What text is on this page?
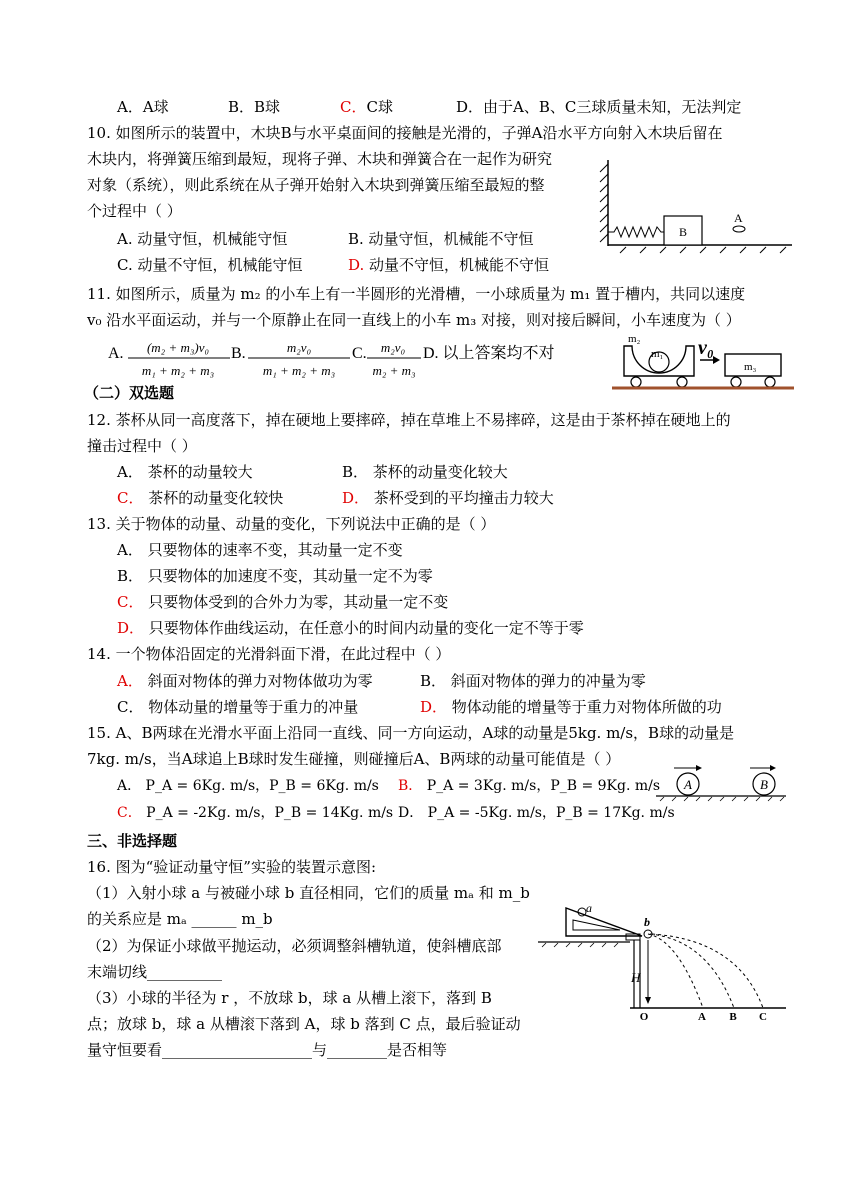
A．A球	B．B球	C．C球	D．由于A、B、C三球质量未知，无法判定
10. 如图所示的装置中，木块B与水平桌面间的接触是光滑的，子弹A沿水平方向射入木块后留在
木块内，将弹簧压缩到最短，现将子弹、木块和弹簧合在一起作为研究
对象（系统），则此系统在从子弹开始射入木块到弹簧压缩至最短的整
个过程中（ ）
A. 动量守恒，机械能守恒	B. 动量守恒，机械能不守恒
C. 动量不守恒，机械能守恒	D. 动量不守恒，机械能不守恒
B
A
11. 如图所示，质量为 m₂ 的小车上有一半圆形的光滑槽，一小球质量为 m₁ 置于槽内，共同以速度
v₀ 沿水平面运动，并与一个原静止在同一直线上的小车 m₃ 对接，则对接后瞬间，小车速度为（ ）
A. (m₂ + m₃)v₀
m₁ + m₂ + m₃
B.	m₂v₀
m₁ + m₂ + m₃
C. m₂v₀
m₂ + m₃
D. 以上答案均不对
m₂
m₁ v₀
m₃
（二）双选题
12. 茶杯从同一高度落下，掉在硬地上要摔碎，掉在草堆上不易摔碎，这是由于茶杯掉在硬地上的
撞击过程中（ ）
A． 茶杯的动量较大	B． 茶杯的动量变化较大
C． 茶杯的动量变化较快	D． 茶杯受到的平均撞击力较大
13. 关于物体的动量、动量的变化，下列说法中正确的是（ ）
A． 只要物体的速率不变，其动量一定不变
B． 只要物体的加速度不变，其动量一定不为零
C． 只要物体受到的合外力为零，其动量一定不变
D． 只要物体作曲线运动，在任意小的时间内动量的变化一定不等于零
14. 一个物体沿固定的光滑斜面下滑，在此过程中（ ）
A． 斜面对物体的弹力对物体做功为零	B． 斜面对物体的弹力的冲量为零
C． 物体动量的增量等于重力的冲量	D． 物体动能的增量等于重力对物体所做的功
15. A、B两球在光滑水平面上沿同一直线、同一方向运动，A球的动量是5kg. m/s，B球的动量是
7kg. m/s，当A球追上B球时发生碰撞，则碰撞后A、B两球的动量可能值是（ ）
A． P_A = 6Kg. m/s，P_B = 6Kg. m/s B． P_A = 3Kg. m/s，P_B = 9Kg. m/s
C． P_A = -2Kg. m/s，P_B = 14Kg. m/s D． P_A = -5Kg. m/s，P_B = 17Kg. m/s
A	B
三、非选择题
16. 图为“验证动量守恒”实验的装置示意图:
（1）入射小球 a 与被碰小球 b 直径相同，它们的质量 mₐ 和 m_b
的关系应是 mₐ ______ m_b
（2）为保证小球做平抛运动，必须调整斜槽轨道，使斜槽底部
末端切线__________
（3）小球的半径为 r ，不放球 b，球 a 从槽上滚下，落到 B
点；放球 b，球 a 从槽滚下落到 A，球 b 落到 C 点，最后验证动
量守恒要看____________________与________是否相等
a
b
H
O	A B C
